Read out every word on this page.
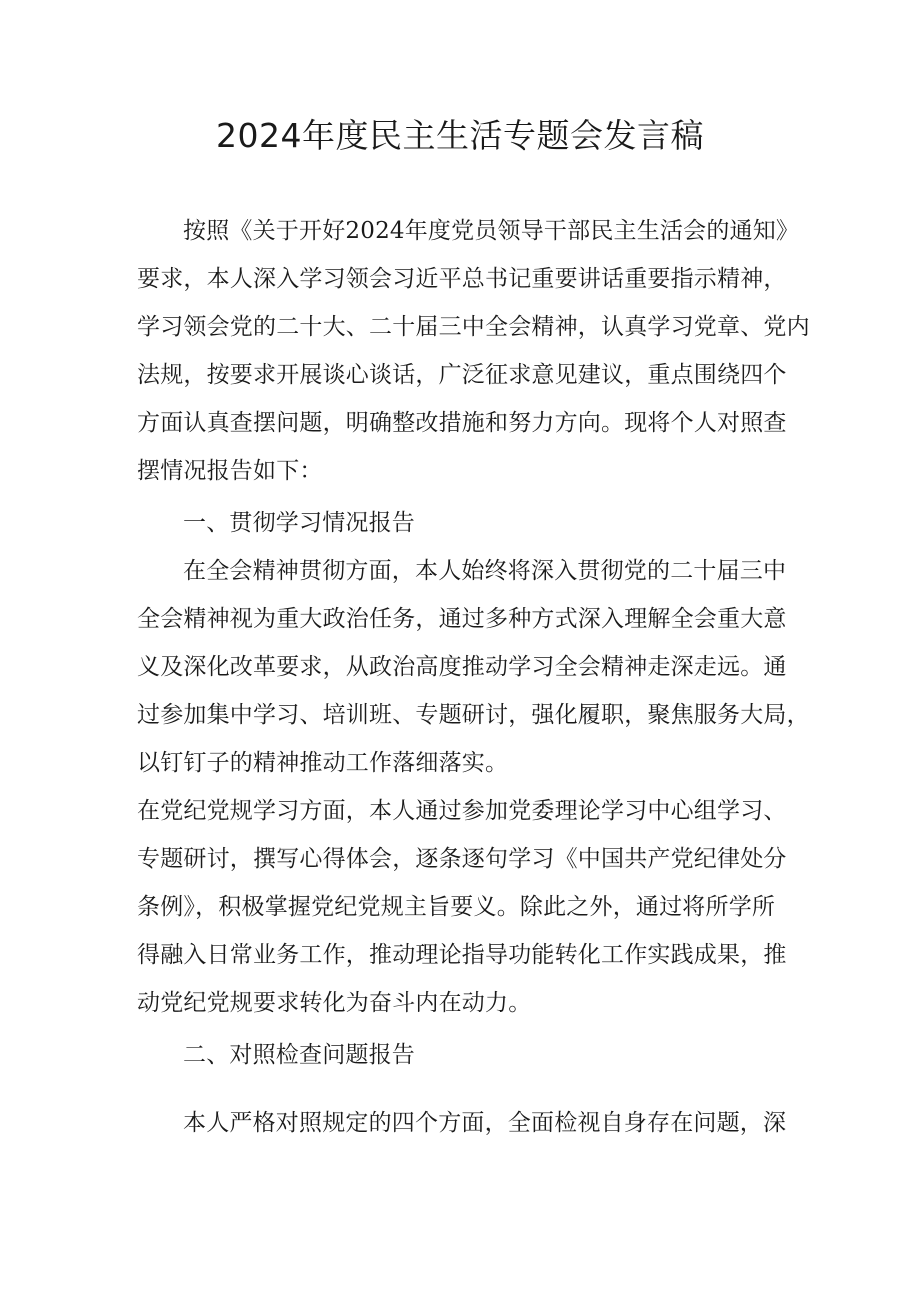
2024年度民主生活专题会发言稿
按照《关于开好2024年度党员领导干部民主生活会的通知》
要求，本人深入学习领会习近平总书记重要讲话重要指示精神，
学习领会党的二十大、二十届三中全会精神，认真学习党章、党内
法规，按要求开展谈心谈话，广泛征求意见建议，重点围绕四个
方面认真查摆问题，明确整改措施和努力方向。现将个人对照查
摆情况报告如下：
一、贯彻学习情况报告
在全会精神贯彻方面，本人始终将深入贯彻党的二十届三中
全会精神视为重大政治任务，通过多种方式深入理解全会重大意
义及深化改革要求，从政治高度推动学习全会精神走深走远。通
过参加集中学习、培训班、专题研讨，强化履职，聚焦服务大局，
以钉钉子的精神推动工作落细落实。
在党纪党规学习方面，本人通过参加党委理论学习中心组学习、
专题研讨，撰写心得体会，逐条逐句学习《中国共产党纪律处分
条例》，积极掌握党纪党规主旨要义。除此之外，通过将所学所
得融入日常业务工作，推动理论指导功能转化工作实践成果，推
动党纪党规要求转化为奋斗内在动力。
二、对照检查问题报告
本人严格对照规定的四个方面，全面检视自身存在问题，深
